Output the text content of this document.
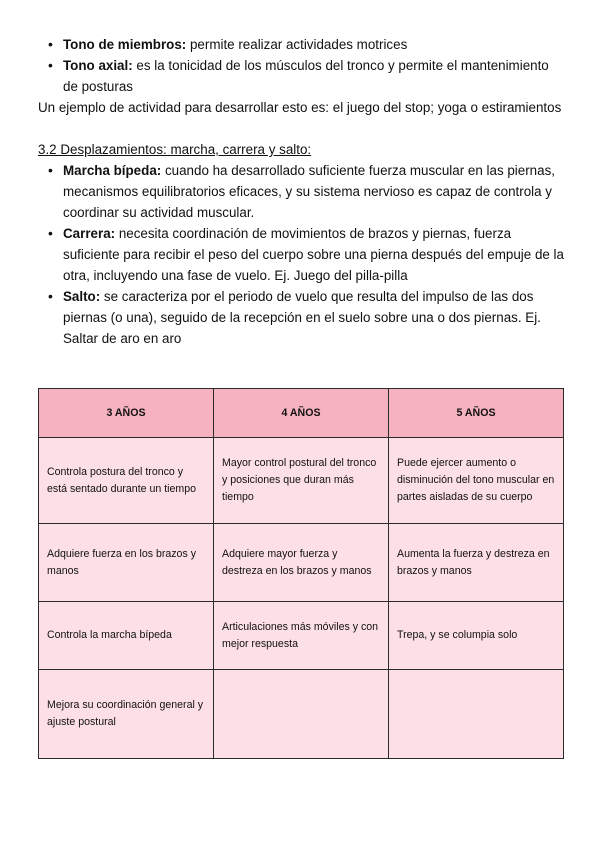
• Tono de miembros: permite realizar actividades motrices
• Tono axial: es la tonicidad de los músculos del tronco y permite el mantenimiento de posturas

Un ejemplo de actividad para desarrollar esto es: el juego del stop; yoga o estiramientos

3.2 Desplazamientos: marcha, carrera y salto:
• Marcha bípeda: cuando ha desarrollado suficiente fuerza muscular en las piernas, mecanismos equilibratorios eficaces, y su sistema nervioso es capaz de controla y coordinar su actividad muscular.
• Carrera: necesita coordinación de movimientos de brazos y piernas, fuerza suficiente para recibir el peso del cuerpo sobre una pierna después del empuje de la otra, incluyendo una fase de vuelo. Ej. Juego del pilla-pilla
• Salto: se caracteriza por el periodo de vuelo que resulta del impulso de las dos piernas (o una), seguido de la recepción en el suelo sobre una o dos piernas. Ej. Saltar de aro en aro
3 AÑOS	4 AÑOS	5 AÑOS
Controla postura del tronco y está sentado durante un tiempo	Mayor control postural del tronco y posiciones que duran más tiempo	Puede ejercer aumento o disminución del tono muscular en partes aisladas de su cuerpo
Adquiere fuerza en los brazos y manos	Adquiere mayor fuerza y destreza en los brazos y manos	Aumenta la fuerza y destreza en brazos y manos
Controla la marcha bípeda	Articulaciones más móviles y con mejor respuesta	Trepa, y se columpia solo
Mejora su coordinación general y ajuste postural		
